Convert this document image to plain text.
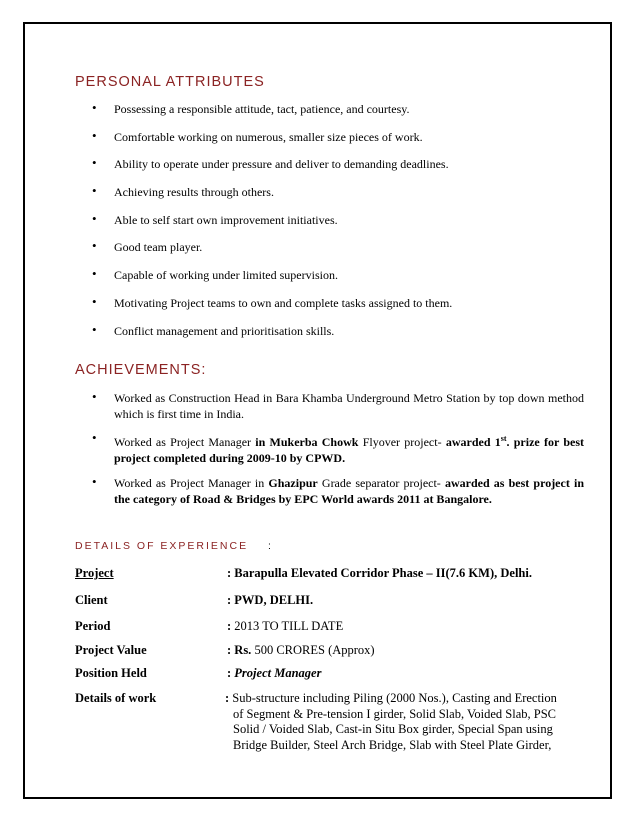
PERSONAL ATTRIBUTES
• Possessing a responsible attitude, tact, patience, and courtesy.
• Comfortable working on numerous, smaller size pieces of work.
• Ability to operate under pressure and deliver to demanding deadlines.
• Achieving results through others.
• Able to self start own improvement initiatives.
• Good team player.
• Capable of working under limited supervision.
• Motivating Project teams to own and complete tasks assigned to them.
• Conflict management and prioritisation skills.
ACHIEVEMENTS:
• Worked as Construction Head in Bara Khamba Underground Metro Station by top down method which is first time in India.
• Worked as Project Manager in Mukerba Chowk Flyover project- awarded 1st. prize for best project completed during 2009-10 by CPWD.
• Worked as Project Manager in Ghazipur Grade separator project- awarded as best project in the category of Road & Bridges by EPC World awards 2011 at Bangalore.
DETAILS OF EXPERIENCE :
Project	: Barapulla Elevated Corridor Phase – II(7.6 KM), Delhi.
Client	: PWD, DELHI.
Period	: 2013 TO TILL DATE
Project Value	: Rs. 500 CRORES (Approx)
Position Held	: Project Manager
Details of work	: Sub-structure including Piling (2000 Nos.), Casting and Erection
of Segment & Pre-tension I girder, Solid Slab, Voided Slab, PSC
Solid / Voided Slab, Cast-in Situ Box girder, Special Span using
Bridge Builder, Steel Arch Bridge, Slab with Steel Plate Girder,
